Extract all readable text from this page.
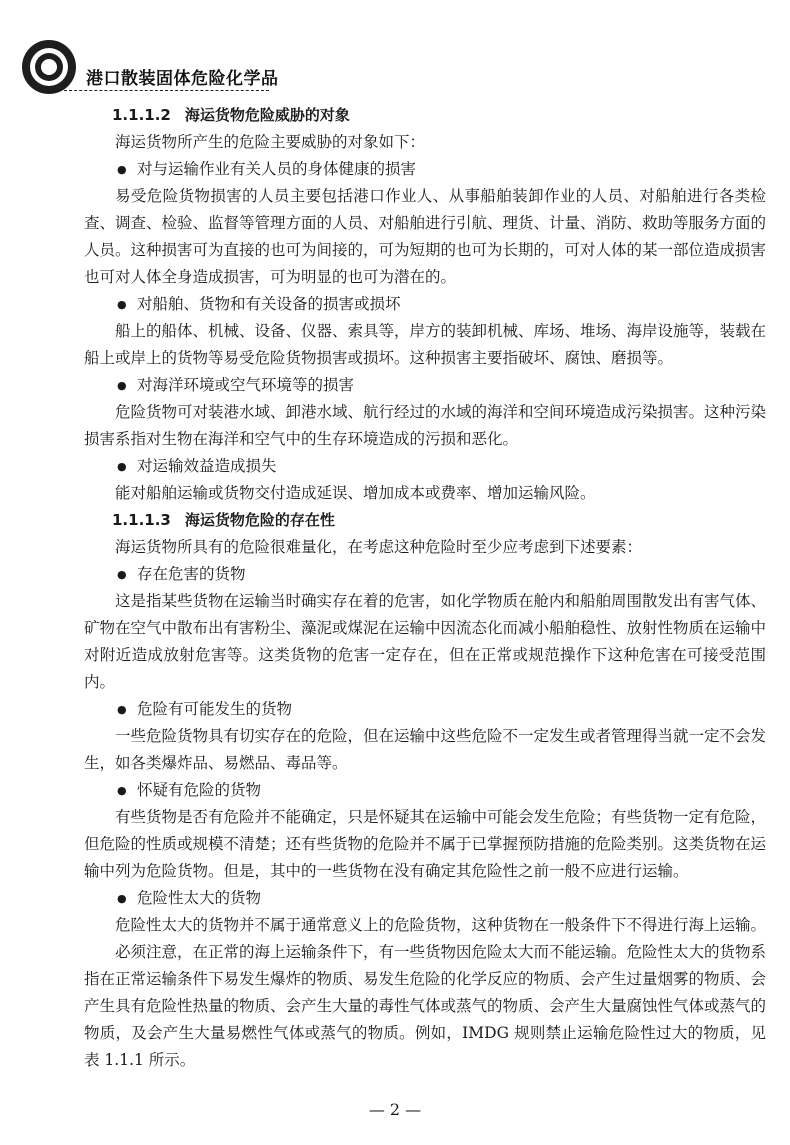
港口散装固体危险化学品
1.1.1.2 海运货物危险威胁的对象

海运货物所产生的危险主要威胁的对象如下：

● 对与运输作业有关人员的身体健康的损害

易受危险货物损害的人员主要包括港口作业人、从事船舶装卸作业的人员、对船舶进行各类检查、调查、检验、监督等管理方面的人员、对船舶进行引航、理货、计量、消防、救助等服务方面的人员。这种损害可为直接的也可为间接的，可为短期的也可为长期的，可对人体的某一部位造成损害也可对人体全身造成损害，可为明显的也可为潜在的。

● 对船舶、货物和有关设备的损害或损坏

船上的船体、机械、设备、仪器、索具等，岸方的装卸机械、库场、堆场、海岸设施等，装载在船上或岸上的货物等易受危险货物损害或损坏。这种损害主要指破坏、腐蚀、磨损等。

● 对海洋环境或空气环境等的损害

危险货物可对装港水域、卸港水域、航行经过的水域的海洋和空间环境造成污染损害。这种污染损害系指对生物在海洋和空气中的生存环境造成的污损和恶化。

● 对运输效益造成损失

能对船舶运输或货物交付造成延误、增加成本或费率、增加运输风险。

1.1.1.3 海运货物危险的存在性

海运货物所具有的危险很难量化，在考虑这种危险时至少应考虑到下述要素：

● 存在危害的货物

这是指某些货物在运输当时确实存在着的危害，如化学物质在舱内和船舶周围散发出有害气体、矿物在空气中散布出有害粉尘、藻泥或煤泥在运输中因流态化而减小船舶稳性、放射性物质在运输中对附近造成放射危害等。这类货物的危害一定存在，但在正常或规范操作下这种危害在可接受范围内。

● 危险有可能发生的货物

一些危险货物具有切实存在的危险，但在运输中这些危险不一定发生或者管理得当就一定不会发生，如各类爆炸品、易燃品、毒品等。

● 怀疑有危险的货物

有些货物是否有危险并不能确定，只是怀疑其在运输中可能会发生危险；有些货物一定有危险，但危险的性质或规模不清楚；还有些货物的危险并不属于已掌握预防措施的危险类别。这类货物在运输中列为危险货物。但是，其中的一些货物在没有确定其危险性之前一般不应进行运输。

● 危险性太大的货物

危险性太大的货物并不属于通常意义上的危险货物，这种货物在一般条件下不得进行海上运输。

必须注意，在正常的海上运输条件下，有一些货物因危险太大而不能运输。危险性太大的货物系指在正常运输条件下易发生爆炸的物质、易发生危险的化学反应的物质、会产生过量烟雾的物质、会产生具有危险性热量的物质、会产生大量的毒性气体或蒸气的物质、会产生大量腐蚀性气体或蒸气的物质，及会产生大量易燃性气体或蒸气的物质。例如，IMDG 规则禁止运输危险性过大的物质，见表 1.1.1 所示。

— 2 —
